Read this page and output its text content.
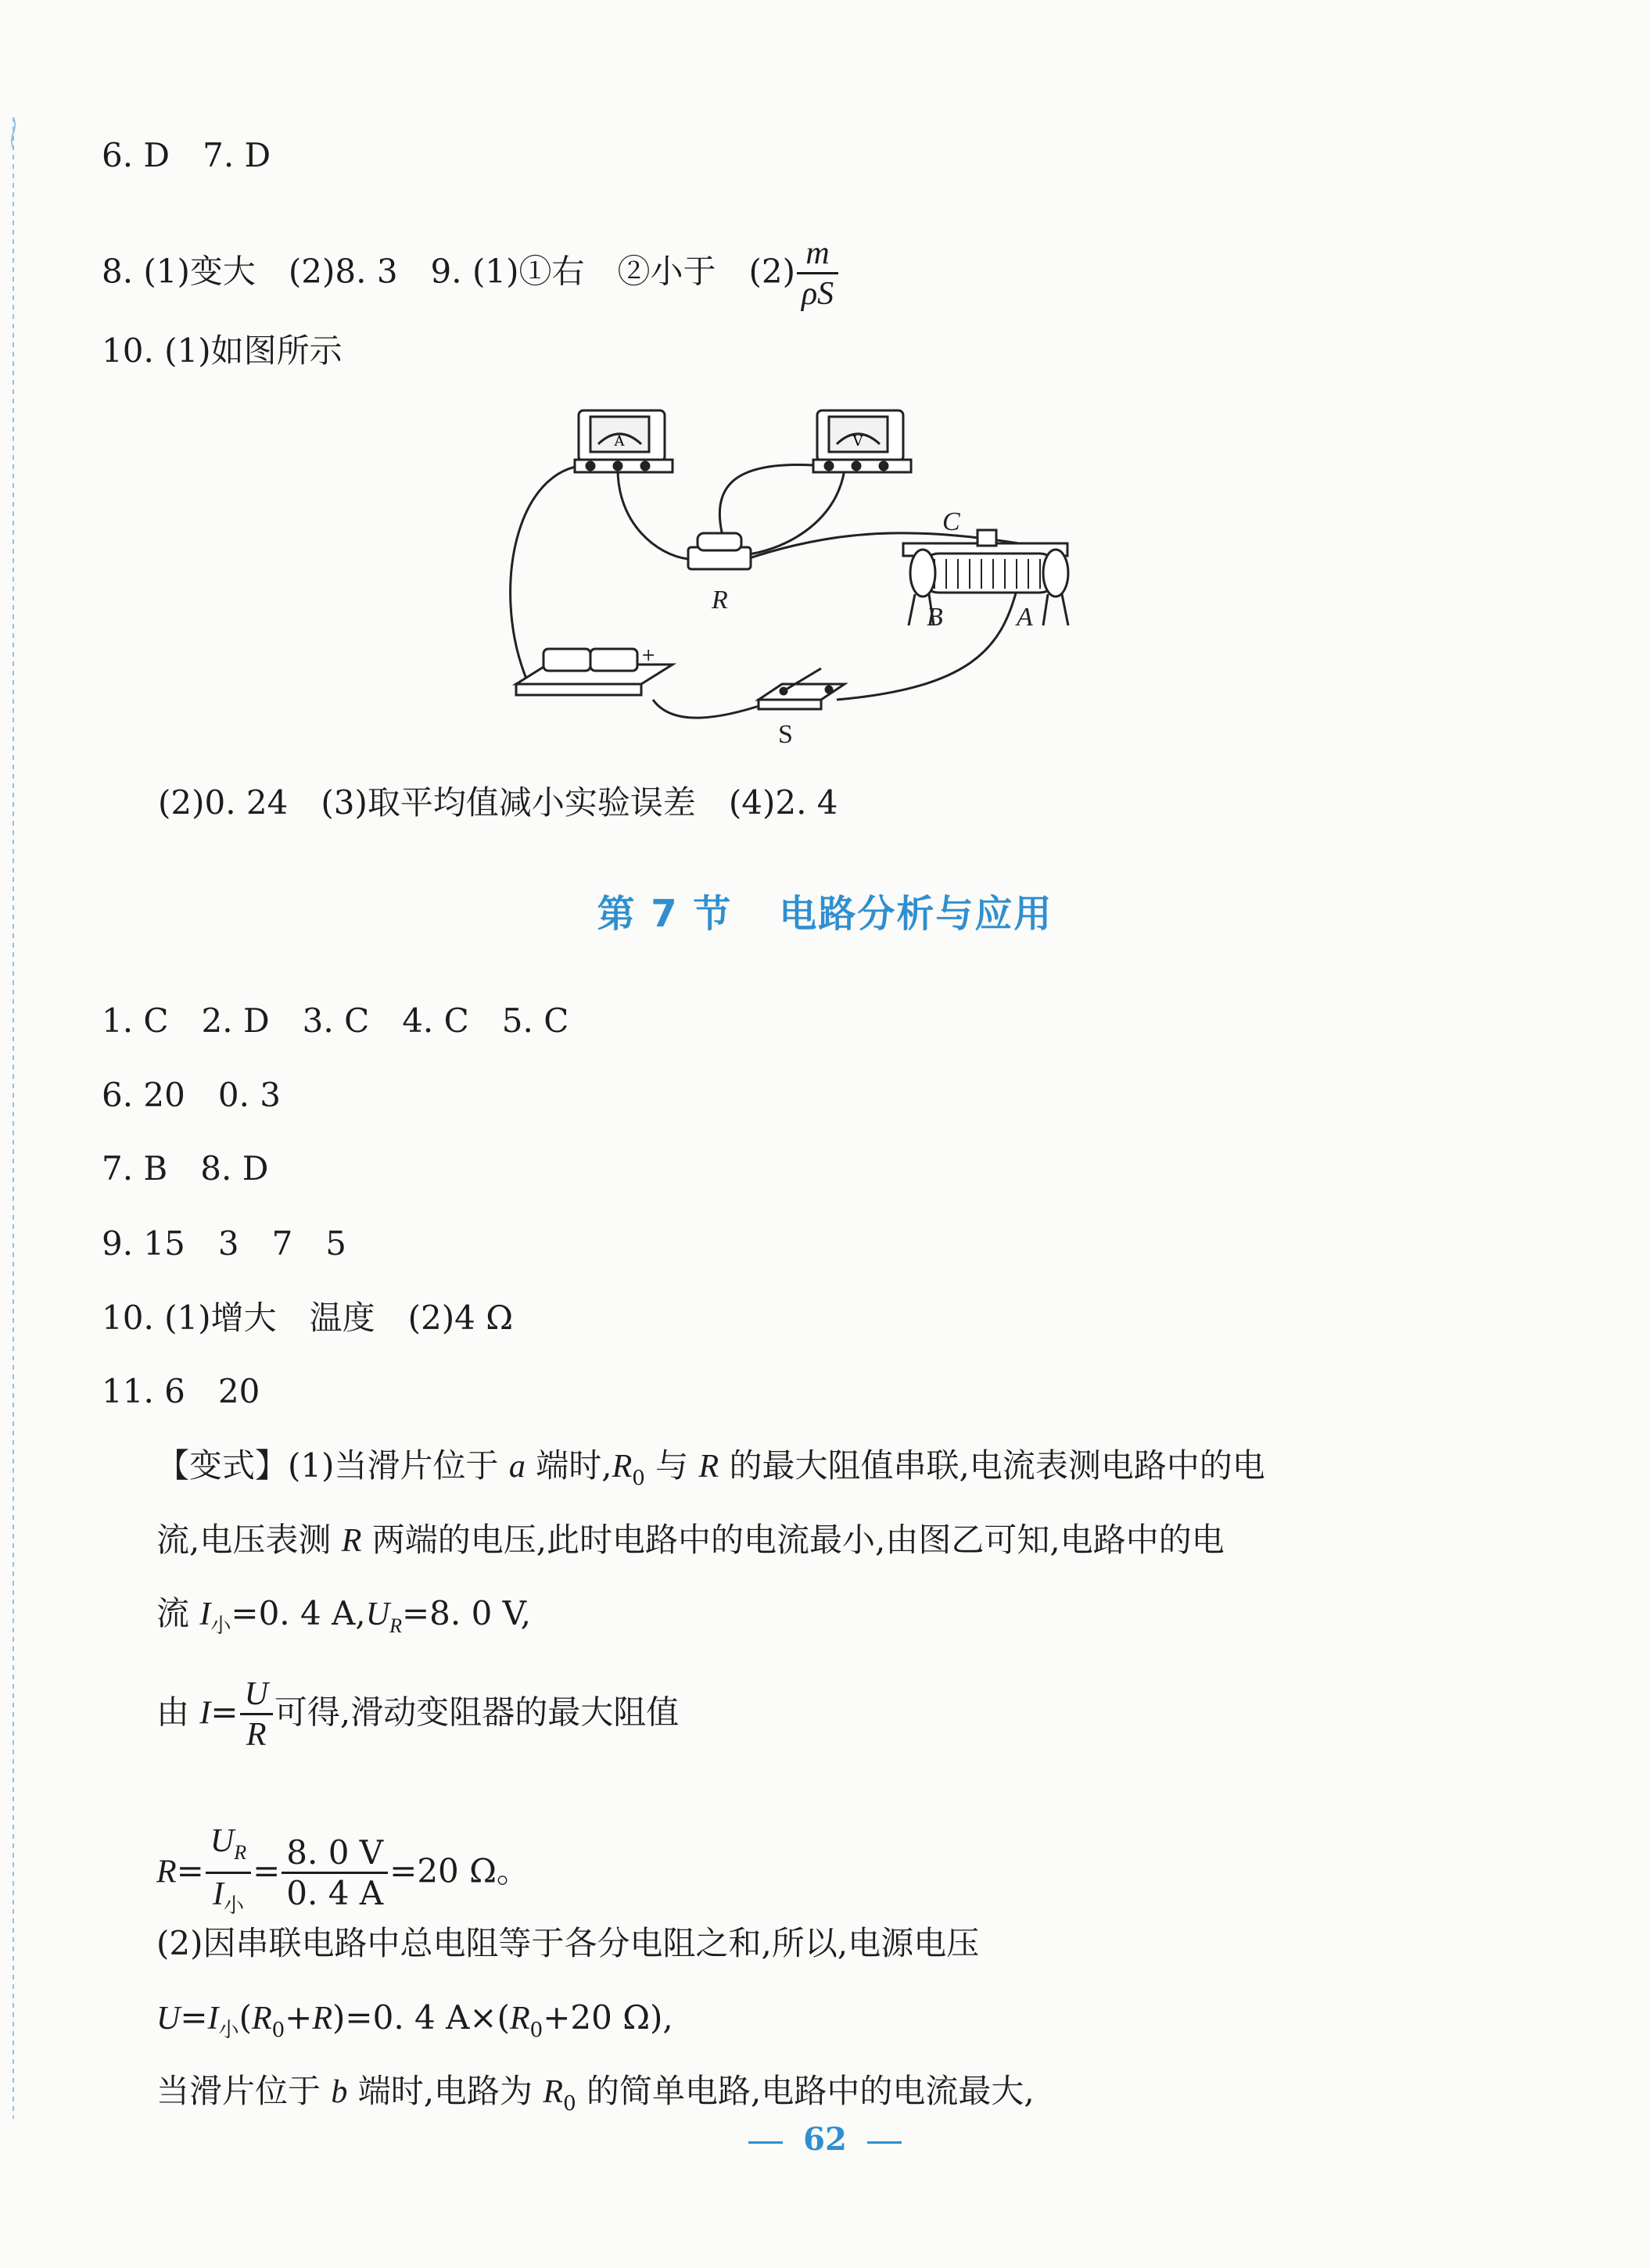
6. D　7. D
8. (1)变大　(2)8. 3　9. (1)①右　②小于　$(2) \frac{m}{\rho S}$
10. (1)如图所示
A	V
C
R
B	A
+
S
(2)0. 24　(3)取平均值减小实验误差　(4)2. 4
第 7 节 电路分析与应用
1. C　2. D　3. C　4. C　5. C
6. 20　0. 3
7. B　8. D
9. 15　3　7　5
10. (1)增大　温度　(2)4 Ω
11. 6　20
【变式】(1)当滑片位于 a 端时$,R_0$ 与 R 的最大阻值串联,电流表测电路中的电
流,电压表测 R 两端的电压,此时电路中的电流最小,由图乙可知,电路中的电
流 $I_小=0$. 4 $A,U_R=8$. 0 V,
由 $I= \frac{U}{R}$ 可得,滑动变阻器的最大阻值
$R= \frac{U_R}{I_小} = \frac{8. 0 V}{0. 4 A} =20$ Ω。
(2)因串联电路中总电阻等于各分电阻之和,所以,电源电压
$U=I_小(R_0+R)=0$. 4 $A\times(R_0+20$ Ω),
当滑片位于 b 端时,电路为 $R_0$ 的简单电路,电路中的电流最大,
62
